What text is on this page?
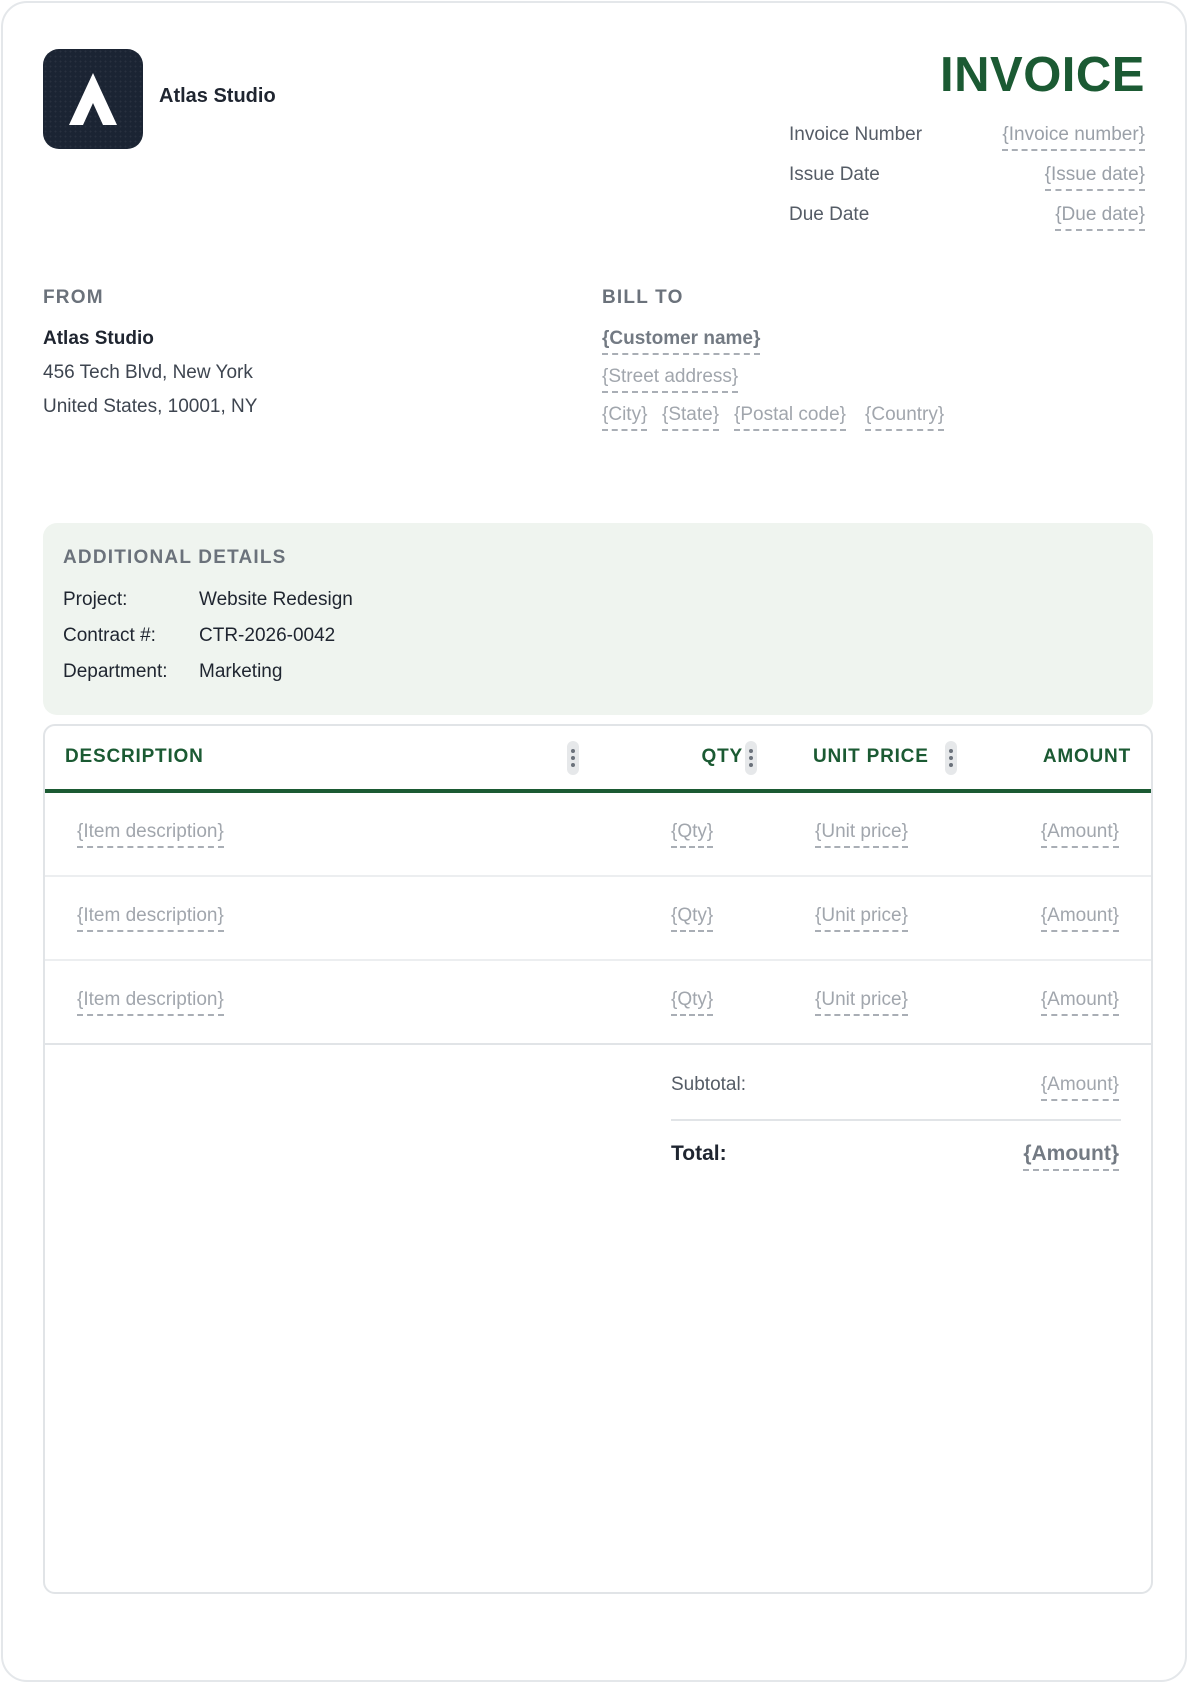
Atlas Studio	INVOICE
Invoice Number	{Invoice number}
Issue Date	{Issue date}
Due Date	{Due date}
FROM
Atlas Studio
456 Tech Blvd, New York
United States, 10001, NY
BILL TO
{Customer name}
{Street address}
{City} {State} {Postal code} {Country}
ADDITIONAL DETAILS
Project:	Website Redesign
Contract #: CTR-2026-0042
Department: Marketing
DESCRIPTION	QTY	UNIT PRICE	AMOUNT
{Item description}	{Qty}	{Unit price}	{Amount}
{Item description}	{Qty}	{Unit price}	{Amount}
{Item description}	{Qty}	{Unit price}	{Amount}
Subtotal:	{Amount}
Total:	{Amount}
